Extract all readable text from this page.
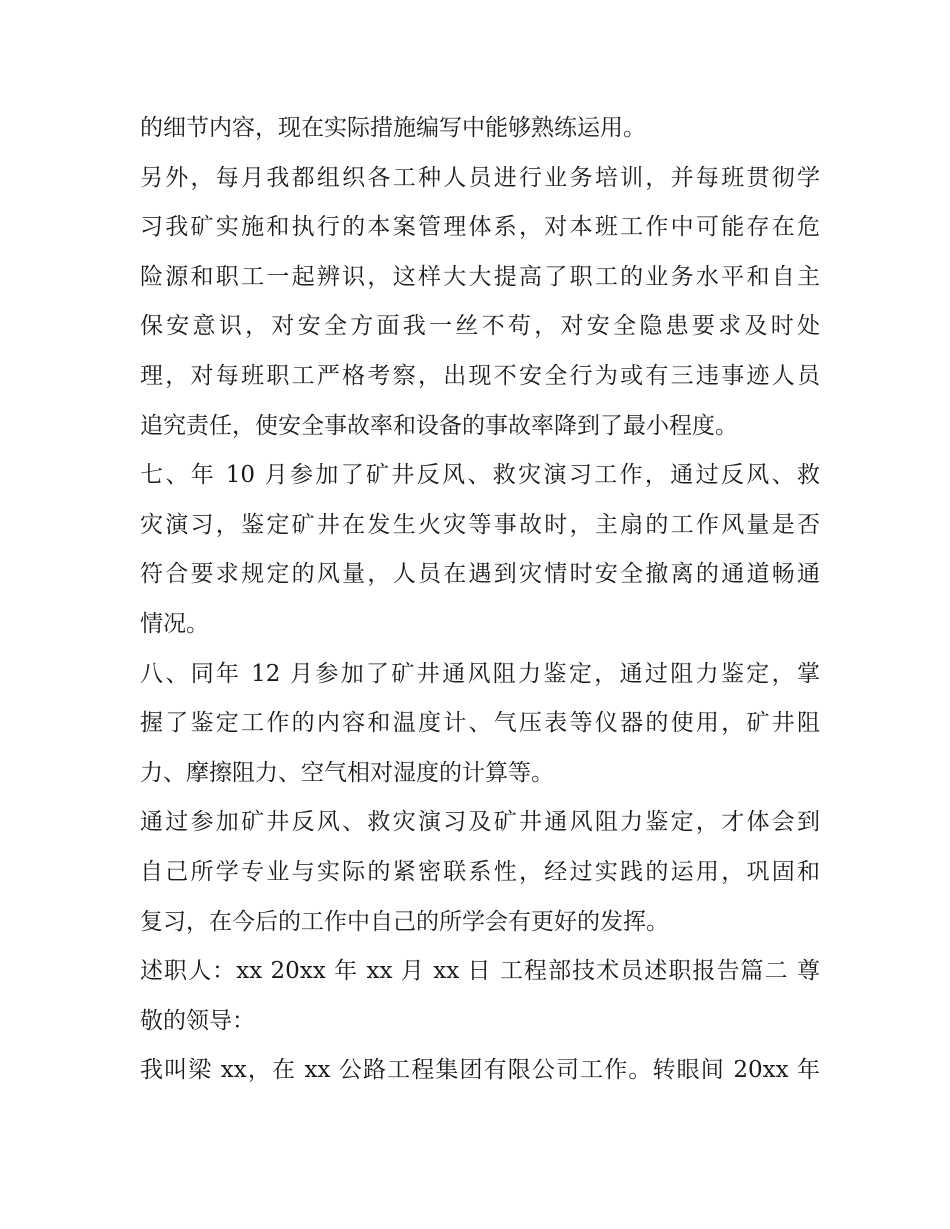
的细节内容，现在实际措施编写中能够熟练运用。
另外，每月我都组织各工种人员进行业务培训，并每班贯彻学
习我矿实施和执行的本案管理体系，对本班工作中可能存在危
险源和职工一起辨识，这样大大提高了职工的业务水平和自主
保安意识，对安全方面我一丝不苟，对安全隐患要求及时处
理，对每班职工严格考察，出现不安全行为或有三违事迹人员
追究责任，使安全事故率和设备的事故率降到了最小程度。
七、年 10 月参加了矿井反风、救灾演习工作，通过反风、救
灾演习，鉴定矿井在发生火灾等事故时，主扇的工作风量是否
符合要求规定的风量，人员在遇到灾情时安全撤离的通道畅通
情况。
八、同年 12 月参加了矿井通风阻力鉴定，通过阻力鉴定，掌
握了鉴定工作的内容和温度计、气压表等仪器的使用，矿井阻
力、摩擦阻力、空气相对湿度的计算等。
通过参加矿井反风、救灾演习及矿井通风阻力鉴定，才体会到
自己所学专业与实际的紧密联系性，经过实践的运用，巩固和
复习，在今后的工作中自己的所学会有更好的发挥。
述职人：xx 20xx 年 xx 月 xx 日 工程部技术员述职报告篇二 尊
敬的领导：
我叫梁 xx，在 xx 公路工程集团有限公司工作。转眼间 20xx 年
